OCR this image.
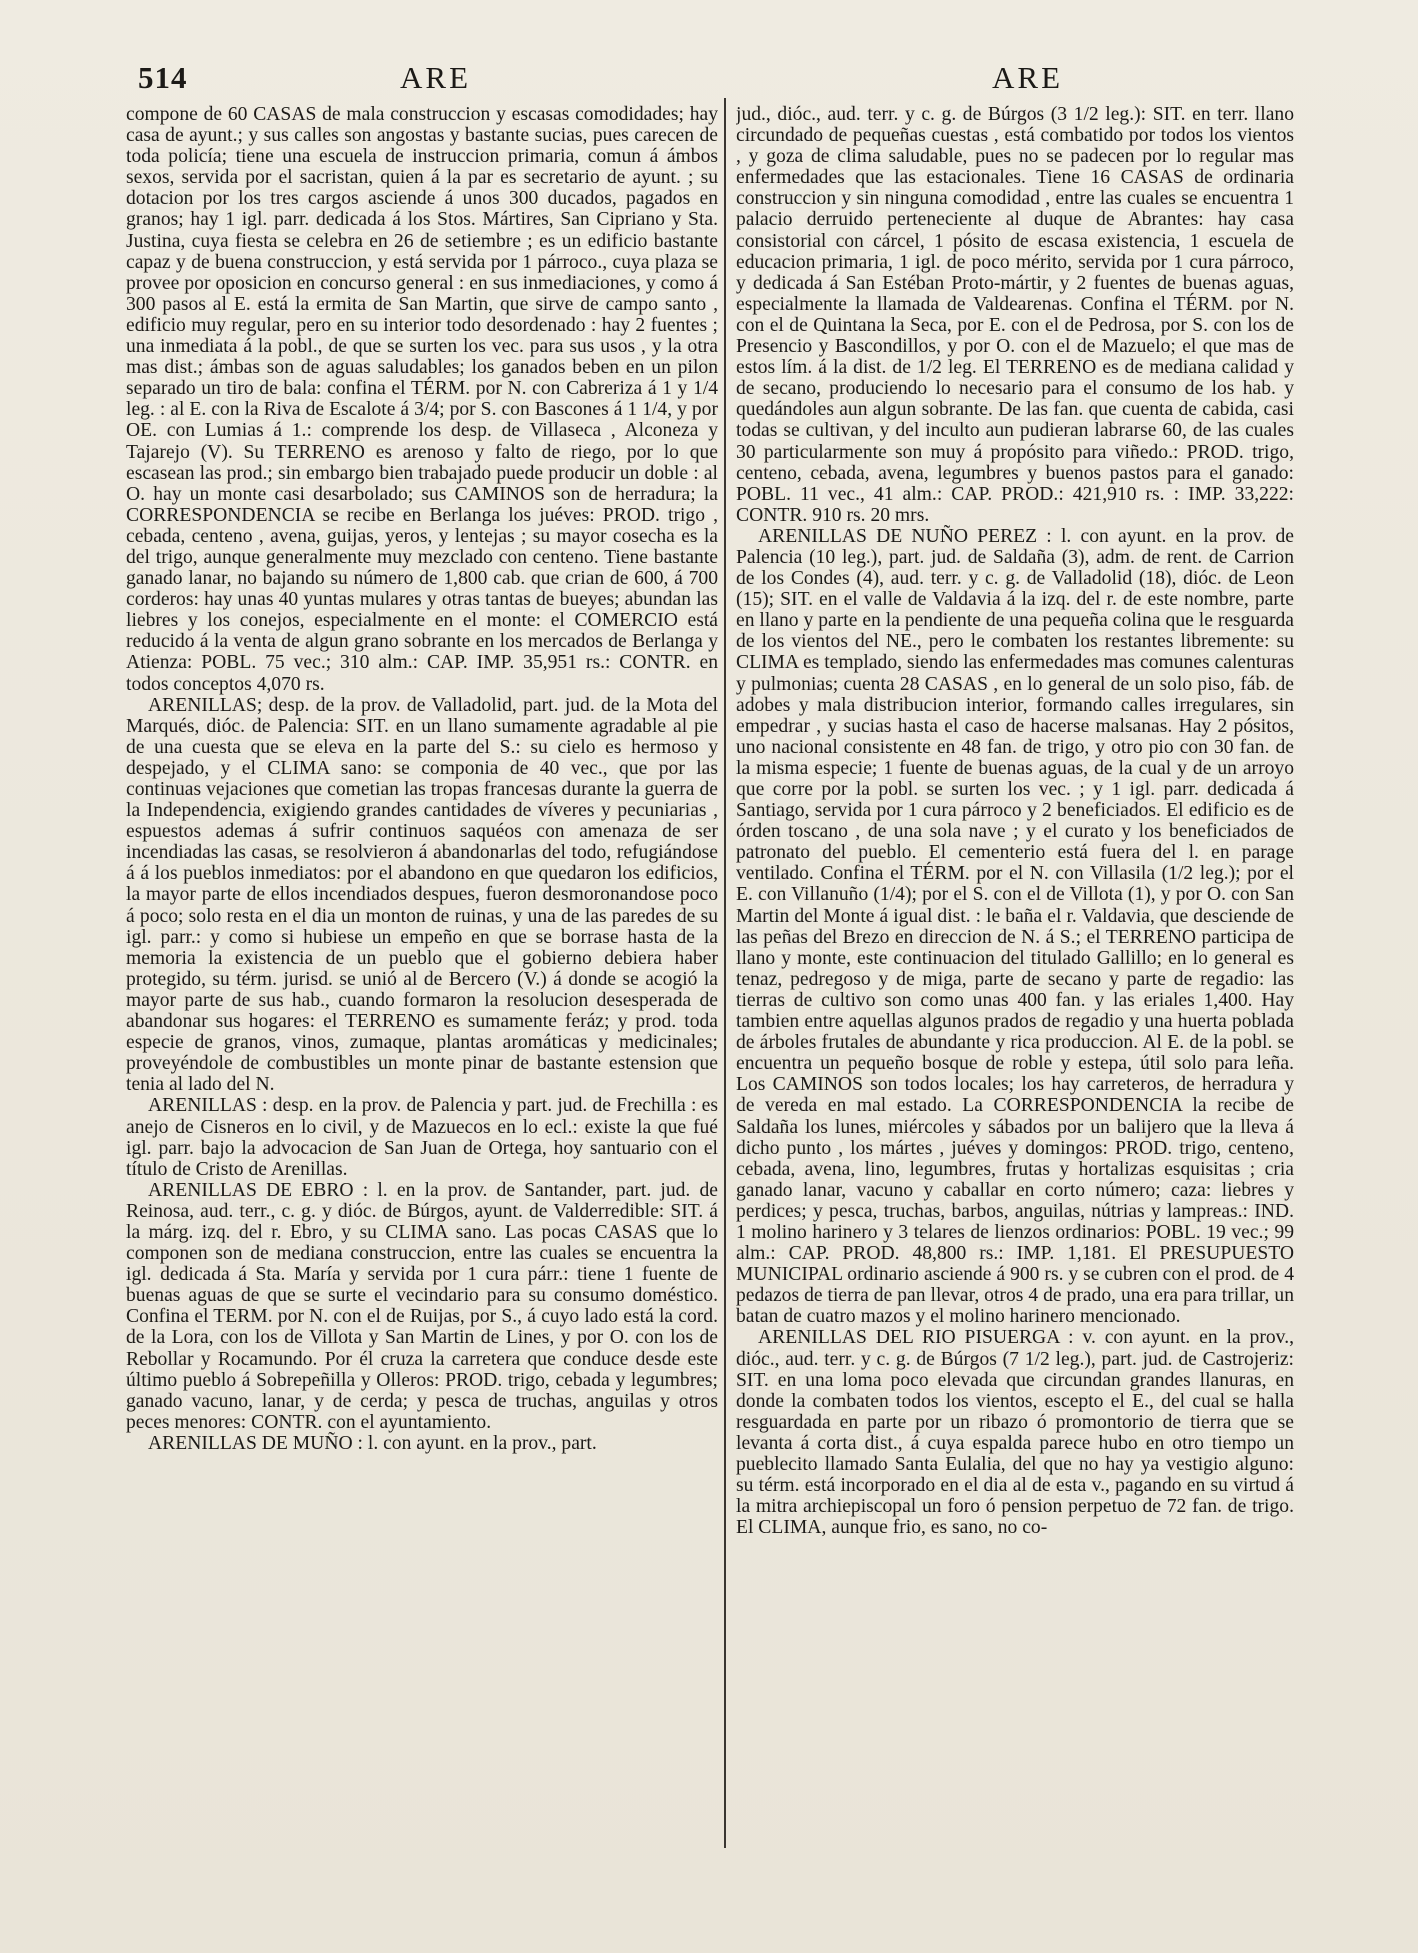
514	ARE	ARE

compone de 60 CASAS de mala construccion y escasas comodidades; hay casa de ayunt.; y sus calles son angostas y bastante sucias, pues carecen de toda policía; tiene una escuela de instruccion primaria, comun á ámbos sexos, servida por el sacristan, quien á la par es secretario de ayunt. ; su dotacion por los tres cargos asciende á unos 300 ducados, pagados en granos; hay 1 igl. parr. dedicada á los Stos. Mártires, San Cipriano y Sta. Justina, cuya fiesta se celebra en 26 de setiembre ; es un edificio bastante capaz y de buena construccion, y está servida por 1 párroco., cuya plaza se provee por oposicion en concurso general : en sus inmediaciones, y como á 300 pasos al E. está la ermita de San Martin, que sirve de campo santo , edificio muy regular, pero en su interior todo desordenado : hay 2 fuentes ; una inmediata á la pobl., de que se surten los vec. para sus usos , y la otra mas dist.; ámbas son de aguas saludables; los ganados beben en un pilon separado un tiro de bala: confina el TÉRM. por N. con Cabreriza á 1 y 1/4 leg. : al E. con la Riva de Escalote á 3/4; por S. con Bascones á 1 1/4, y por OE. con Lumias á 1.: comprende los desp. de Villaseca , Alconeza y Tajarejo (V). Su TERRENO es arenoso y falto de riego, por lo que escasean las prod.; sin embargo bien trabajado puede producir un doble : al O. hay un monte casi desarbolado; sus CAMINOS son de herradura; la CORRESPONDENCIA se recibe en Berlanga los juéves: PROD. trigo , cebada, centeno , avena, guijas, yeros, y lentejas ; su mayor cosecha es la del trigo, aunque generalmente muy mezclado con centeno. Tiene bastante ganado lanar, no bajando su número de 1,800 cab. que crian de 600, á 700 corderos: hay unas 40 yuntas mulares y otras tantas de bueyes; abundan las liebres y los conejos, especialmente en el monte: el COMERCIO está reducido á la venta de algun grano sobrante en los mercados de Berlanga y Atienza: POBL. 75 vec.; 310 alm.: CAP. IMP. 35,951 rs.: CONTR. en todos conceptos 4,070 rs.

ARENILLAS; desp. de la prov. de Valladolid, part. jud. de la Mota del Marqués, dióc. de Palencia: SIT. en un llano sumamente agradable al pie de una cuesta que se eleva en la parte del S.: su cielo es hermoso y despejado, y el CLIMA sano: se componia de 40 vec., que por las continuas vejaciones que cometian las tropas francesas durante la guerra de la Independencia, exigiendo grandes cantidades de víveres y pecuniarias , espuestos ademas á sufrir continuos saquéos con amenaza de ser incendiadas las casas, se resolvieron á abandonarlas del todo, refugiándose á á los pueblos inmediatos: por el abandono en que quedaron los edificios, la mayor parte de ellos incendiados despues, fueron desmoronandose poco á poco; solo resta en el dia un monton de ruinas, y una de las paredes de su igl. parr.: y como si hubiese un empeño en que se borrase hasta de la memoria la existencia de un pueblo que el gobierno debiera haber protegido, su térm. jurisd. se unió al de Bercero (V.) á donde se acogió la mayor parte de sus hab., cuando formaron la resolucion desesperada de abandonar sus hogares: el TERRENO es sumamente feráz; y prod. toda especie de granos, vinos, zumaque, plantas aromáticas y medicinales; proveyéndole de combustibles un monte pinar de bastante estension que tenia al lado del N.

ARENILLAS : desp. en la prov. de Palencia y part. jud. de Frechilla : es anejo de Cisneros en lo civil, y de Mazuecos en lo ecl.: existe la que fué igl. parr. bajo la advocacion de San Juan de Ortega, hoy santuario con el título de Cristo de Arenillas.

ARENILLAS DE EBRO : l. en la prov. de Santander, part. jud. de Reinosa, aud. terr., c. g. y dióc. de Búrgos, ayunt. de Valderredible: SIT. á la márg. izq. del r. Ebro, y su CLIMA sano. Las pocas CASAS que lo componen son de mediana construccion, entre las cuales se encuentra la igl. dedicada á Sta. María y servida por 1 cura párr.: tiene 1 fuente de buenas aguas de que se surte el vecindario para su consumo doméstico. Confina el TERM. por N. con el de Ruijas, por S., á cuyo lado está la cord. de la Lora, con los de Villota y San Martin de Lines, y por O. con los de Rebollar y Rocamundo. Por él cruza la carretera que conduce desde este último pueblo á Sobrepeñilla y Olleros: PROD. trigo, cebada y legumbres; ganado vacuno, lanar, y de cerda; y pesca de truchas, anguilas y otros peces menores: CONTR. con el ayuntamiento.

ARENILLAS DE MUÑO : l. con ayunt. en la prov., part.

jud., dióc., aud. terr. y c. g. de Búrgos (3 1/2 leg.): SIT. en terr. llano circundado de pequeñas cuestas , está combatido por todos los vientos , y goza de clima saludable, pues no se padecen por lo regular mas enfermedades que las estacionales. Tiene 16 CASAS de ordinaria construccion y sin ninguna comodidad , entre las cuales se encuentra 1 palacio derruido perteneciente al duque de Abrantes: hay casa consistorial con cárcel, 1 pósito de escasa existencia, 1 escuela de educacion primaria, 1 igl. de poco mérito, servida por 1 cura párroco, y dedicada á San Estéban Proto-mártir, y 2 fuentes de buenas aguas, especialmente la llamada de Valdearenas. Confina el TÉRM. por N. con el de Quintana la Seca, por E. con el de Pedrosa, por S. con los de Presencio y Bascondillos, y por O. con el de Mazuelo; el que mas de estos lím. á la dist. de 1/2 leg. El TERRENO es de mediana calidad y de secano, produciendo lo necesario para el consumo de los hab. y quedándoles aun algun sobrante. De las fan. que cuenta de cabida, casi todas se cultivan, y del inculto aun pudieran labrarse 60, de las cuales 30 particularmente son muy á propósito para viñedo.: PROD. trigo, centeno, cebada, avena, legumbres y buenos pastos para el ganado: POBL. 11 vec., 41 alm.: CAP. PROD.: 421,910 rs. : IMP. 33,222: CONTR. 910 rs. 20 mrs.

ARENILLAS DE NUÑO PEREZ : l. con ayunt. en la prov. de Palencia (10 leg.), part. jud. de Saldaña (3), adm. de rent. de Carrion de los Condes (4), aud. terr. y c. g. de Valladolid (18), dióc. de Leon (15); SIT. en el valle de Valdavia á la izq. del r. de este nombre, parte en llano y parte en la pendiente de una pequeña colina que le resguarda de los vientos del NE., pero le combaten los restantes libremente: su CLIMA es templado, siendo las enfermedades mas comunes calenturas y pulmonias; cuenta 28 CASAS , en lo general de un solo piso, fáb. de adobes y mala distribucion interior, formando calles irregulares, sin empedrar , y sucias hasta el caso de hacerse malsanas. Hay 2 pósitos, uno nacional consistente en 48 fan. de trigo, y otro pio con 30 fan. de la misma especie; 1 fuente de buenas aguas, de la cual y de un arroyo que corre por la pobl. se surten los vec. ; y 1 igl. parr. dedicada á Santiago, servida por 1 cura párroco y 2 beneficiados. El edificio es de órden toscano , de una sola nave ; y el curato y los beneficiados de patronato del pueblo. El cementerio está fuera del l. en parage ventilado. Confina el TÉRM. por el N. con Villasila (1/2 leg.); por el E. con Villanuño (1/4); por el S. con el de Villota (1), y por O. con San Martin del Monte á igual dist. : le baña el r. Valdavia, que desciende de las peñas del Brezo en direccion de N. á S.; el TERRENO participa de llano y monte, este continuacion del titulado Gallillo; en lo general es tenaz, pedregoso y de miga, parte de secano y parte de regadio: las tierras de cultivo son como unas 400 fan. y las eriales 1,400. Hay tambien entre aquellas algunos prados de regadio y una huerta poblada de árboles frutales de abundante y rica produccion. Al E. de la pobl. se encuentra un pequeño bosque de roble y estepa, útil solo para leña. Los CAMINOS son todos locales; los hay carreteros, de herradura y de vereda en mal estado. La CORRESPONDENCIA la recibe de Saldaña los lunes, miércoles y sábados por un balijero que la lleva á dicho punto , los mártes , juéves y domingos: PROD. trigo, centeno, cebada, avena, lino, legumbres, frutas y hortalizas esquisitas ; cria ganado lanar, vacuno y caballar en corto número; caza: liebres y perdices; y pesca, truchas, barbos, anguilas, nútrias y lampreas.: IND. 1 molino harinero y 3 telares de lienzos ordinarios: POBL. 19 vec.; 99 alm.: CAP. PROD. 48,800 rs.: IMP. 1,181. El PRESUPUESTO MUNICIPAL ordinario asciende á 900 rs. y se cubren con el prod. de 4 pedazos de tierra de pan llevar, otros 4 de prado, una era para trillar, un batan de cuatro mazos y el molino harinero mencionado.

ARENILLAS DEL RIO PISUERGA : v. con ayunt. en la prov., dióc., aud. terr. y c. g. de Búrgos (7 1/2 leg.), part. jud. de Castrojeriz: SIT. en una loma poco elevada que circundan grandes llanuras, en donde la combaten todos los vientos, escepto el E., del cual se halla resguardada en parte por un ribazo ó promontorio de tierra que se levanta á corta dist., á cuya espalda parece hubo en otro tiempo un pueblecito llamado Santa Eulalia, del que no hay ya vestigio alguno: su térm. está incorporado en el dia al de esta v., pagando en su virtud á la mitra archiepiscopal un foro ó pension perpetuo de 72 fan. de trigo. El CLIMA, aunque frio, es sano, no co-
